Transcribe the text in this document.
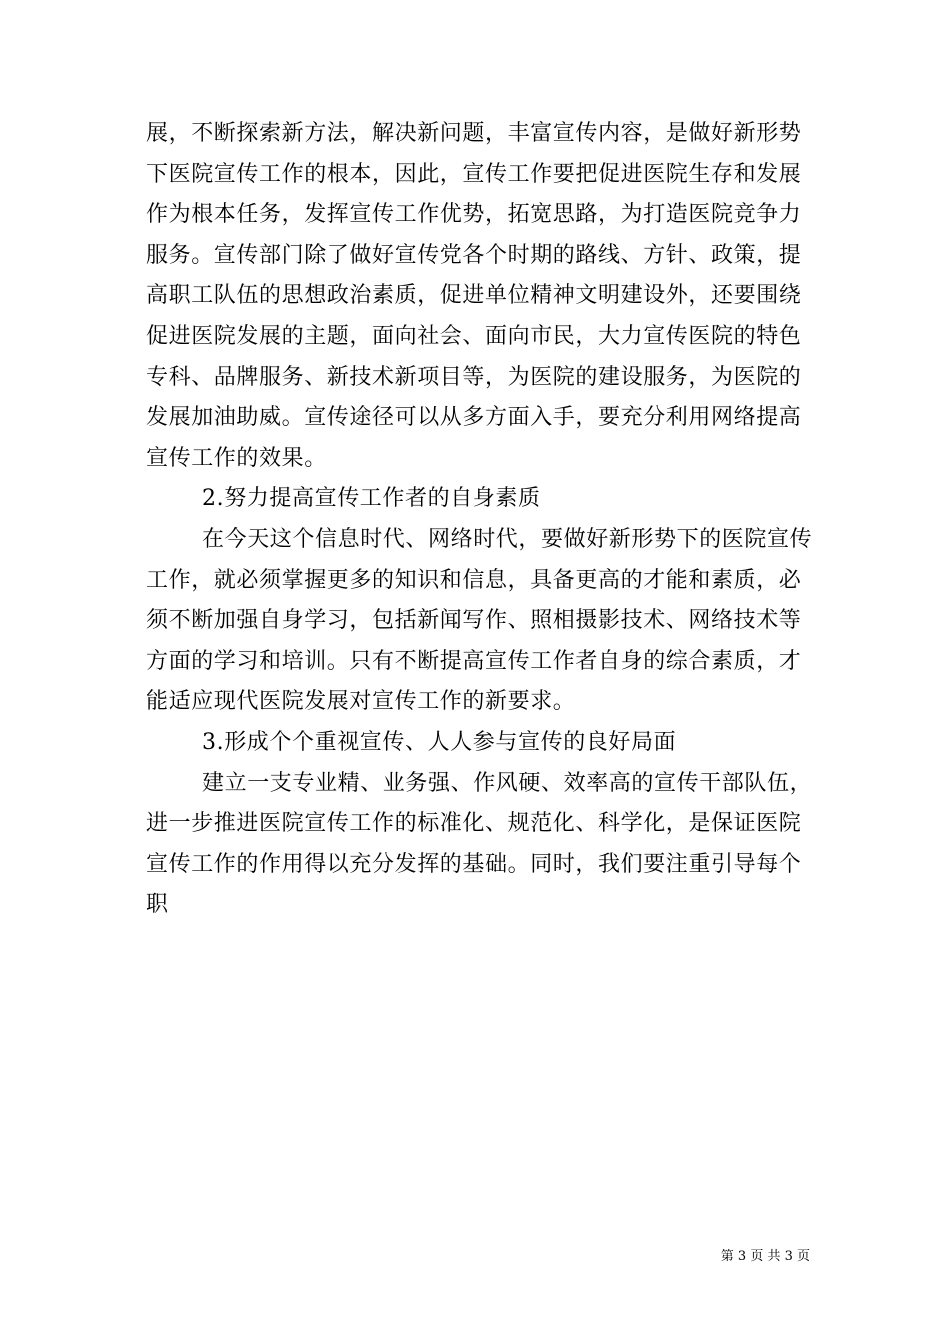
展，不断探索新方法，解决新问题，丰富宣传内容，是做好新形势
下医院宣传工作的根本，因此，宣传工作要把促进医院生存和发展
作为根本任务，发挥宣传工作优势，拓宽思路，为打造医院竞争力
服务。宣传部门除了做好宣传党各个时期的路线、方针、政策，提
高职工队伍的思想政治素质，促进单位精神文明建设外，还要围绕
促进医院发展的主题，面向社会、面向市民，大力宣传医院的特色
专科、品牌服务、新技术新项目等，为医院的建设服务，为医院的
发展加油助威。宣传途径可以从多方面入手，要充分利用网络提高
宣传工作的效果。
2.努力提高宣传工作者的自身素质
在今天这个信息时代、网络时代，要做好新形势下的医院宣传
工作，就必须掌握更多的知识和信息，具备更高的才能和素质，必
须不断加强自身学习，包括新闻写作、照相摄影技术、网络技术等
方面的学习和培训。只有不断提高宣传工作者自身的综合素质，才
能适应现代医院发展对宣传工作的新要求。
3.形成个个重视宣传、人人参与宣传的良好局面
建立一支专业精、业务强、作风硬、效率高的宣传干部队伍，
进一步推进医院宣传工作的标准化、规范化、科学化，是保证医院
宣传工作的作用得以充分发挥的基础。同时，我们要注重引导每个
职
第 3 页 共 3 页
